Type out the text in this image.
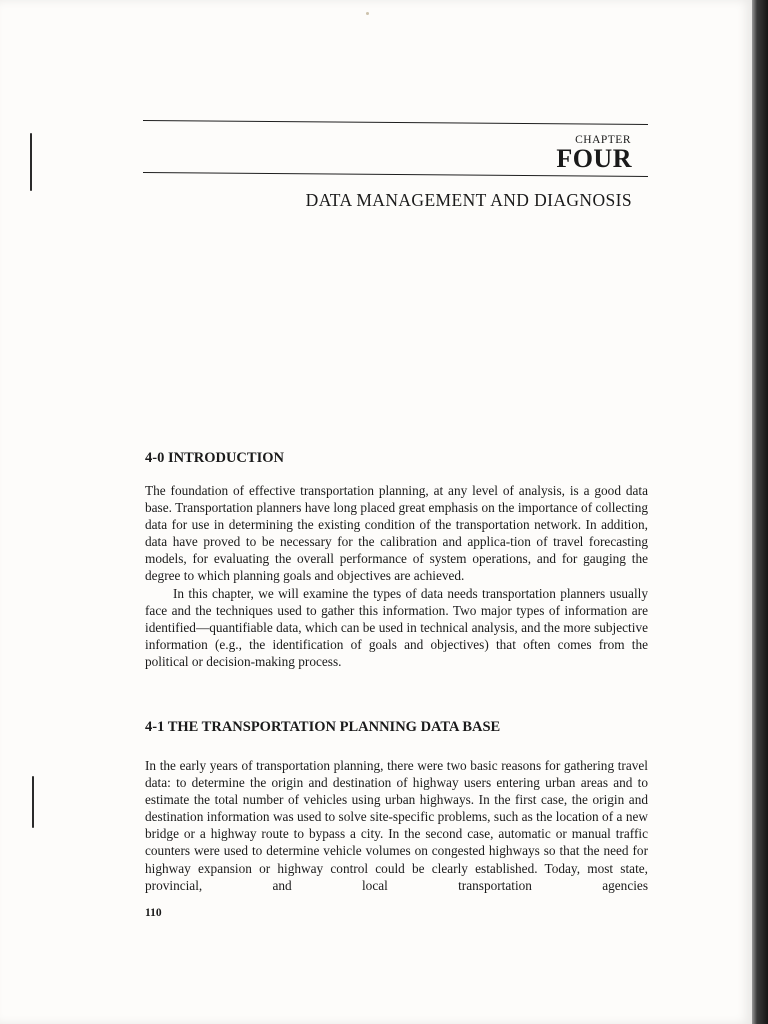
CHAPTER
FOUR
DATA MANAGEMENT AND DIAGNOSIS
4-0 INTRODUCTION

The foundation of effective transportation planning, at any level of analysis, is a good data base. Transportation planners have long placed great emphasis on the importance of collecting data for use in determining the existing condition of the transportation network. In addition, data have proved to be necessary for the calibration and applica-tion of travel forecasting models, for evaluating the overall performance of system operations, and for gauging the degree to which planning goals and objectives are achieved.

In this chapter, we will examine the types of data needs transportation planners usually face and the techniques used to gather this information. Two major types of information are identified—quantifiable data, which can be used in technical analysis, and the more subjective information (e.g., the identification of goals and objectives) that often comes from the political or decision-making process.

4-1 THE TRANSPORTATION PLANNING DATA BASE

In the early years of transportation planning, there were two basic reasons for gathering travel data: to determine the origin and destination of highway users entering urban areas and to estimate the total number of vehicles using urban highways. In the first case, the origin and destination information was used to solve site-specific problems, such as the location of a new bridge or a highway route to bypass a city. In the second case, automatic or manual traffic counters were used to determine vehicle volumes on congested highways so that the need for highway expansion or highway control could be clearly established. Today, most state, provincial, and local transportation agencies

110
